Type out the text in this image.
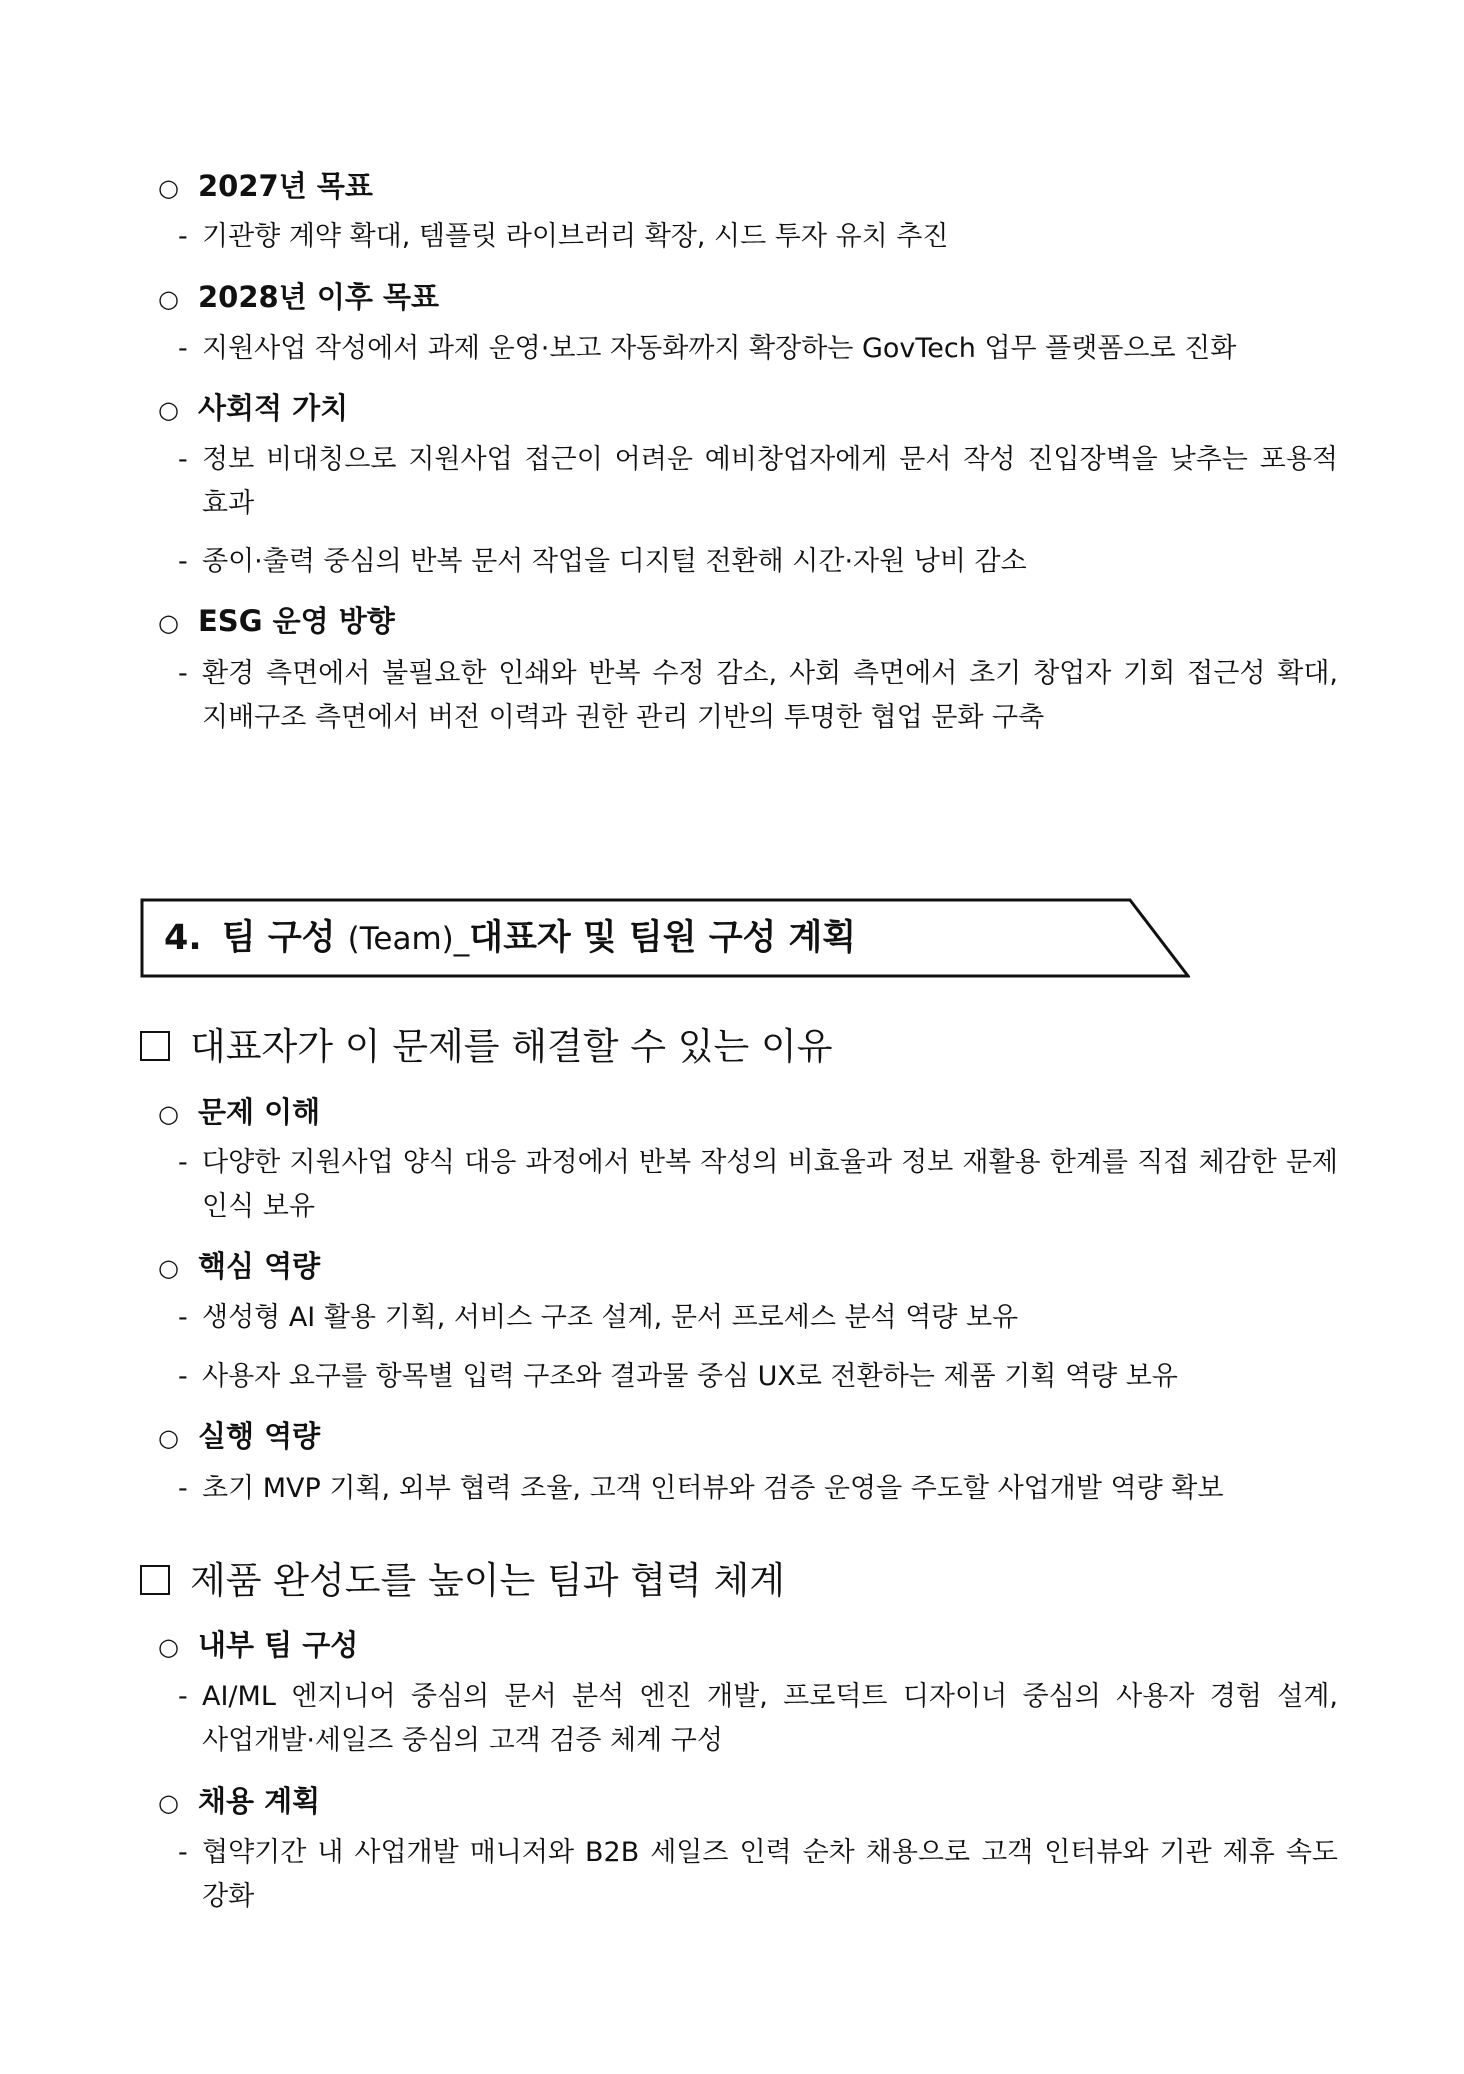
○ 2027년 목표
- 기관향 계약 확대, 템플릿 라이브러리 확장, 시드 투자 유치 추진
○ 2028년 이후 목표
- 지원사업 작성에서 과제 운영·보고 자동화까지 확장하는 GovTech 업무 플랫폼으로 진화
○ 사회적 가치
- 정보 비대칭으로 지원사업 접근이 어려운 예비창업자에게 문서 작성 진입장벽을 낮추는 포용적 효과
- 종이·출력 중심의 반복 문서 작업을 디지털 전환해 시간·자원 낭비 감소
○ ESG 운영 방향
- 환경 측면에서 불필요한 인쇄와 반복 수정 감소, 사회 측면에서 초기 창업자 기회 접근성 확대, 지배구조 측면에서 버전 이력과 권한 관리 기반의 투명한 협업 문화 구축
4. 팀 구성 (Team)_대표자 및 팀원 구성 계획
대표자가 이 문제를 해결할 수 있는 이유
○ 문제 이해
- 다양한 지원사업 양식 대응 과정에서 반복 작성의 비효율과 정보 재활용 한계를 직접 체감한 문제 인식 보유
○ 핵심 역량
- 생성형 AI 활용 기획, 서비스 구조 설계, 문서 프로세스 분석 역량 보유
- 사용자 요구를 항목별 입력 구조와 결과물 중심 UX로 전환하는 제품 기획 역량 보유
○ 실행 역량
- 초기 MVP 기획, 외부 협력 조율, 고객 인터뷰와 검증 운영을 주도할 사업개발 역량 확보
제품 완성도를 높이는 팀과 협력 체계
○ 내부 팀 구성
- AI/ML 엔지니어 중심의 문서 분석 엔진 개발, 프로덕트 디자이너 중심의 사용자 경험 설계, 사업개발·세일즈 중심의 고객 검증 체계 구성
○ 채용 계획
- 협약기간 내 사업개발 매니저와 B2B 세일즈 인력 순차 채용으로 고객 인터뷰와 기관 제휴 속도 강화
